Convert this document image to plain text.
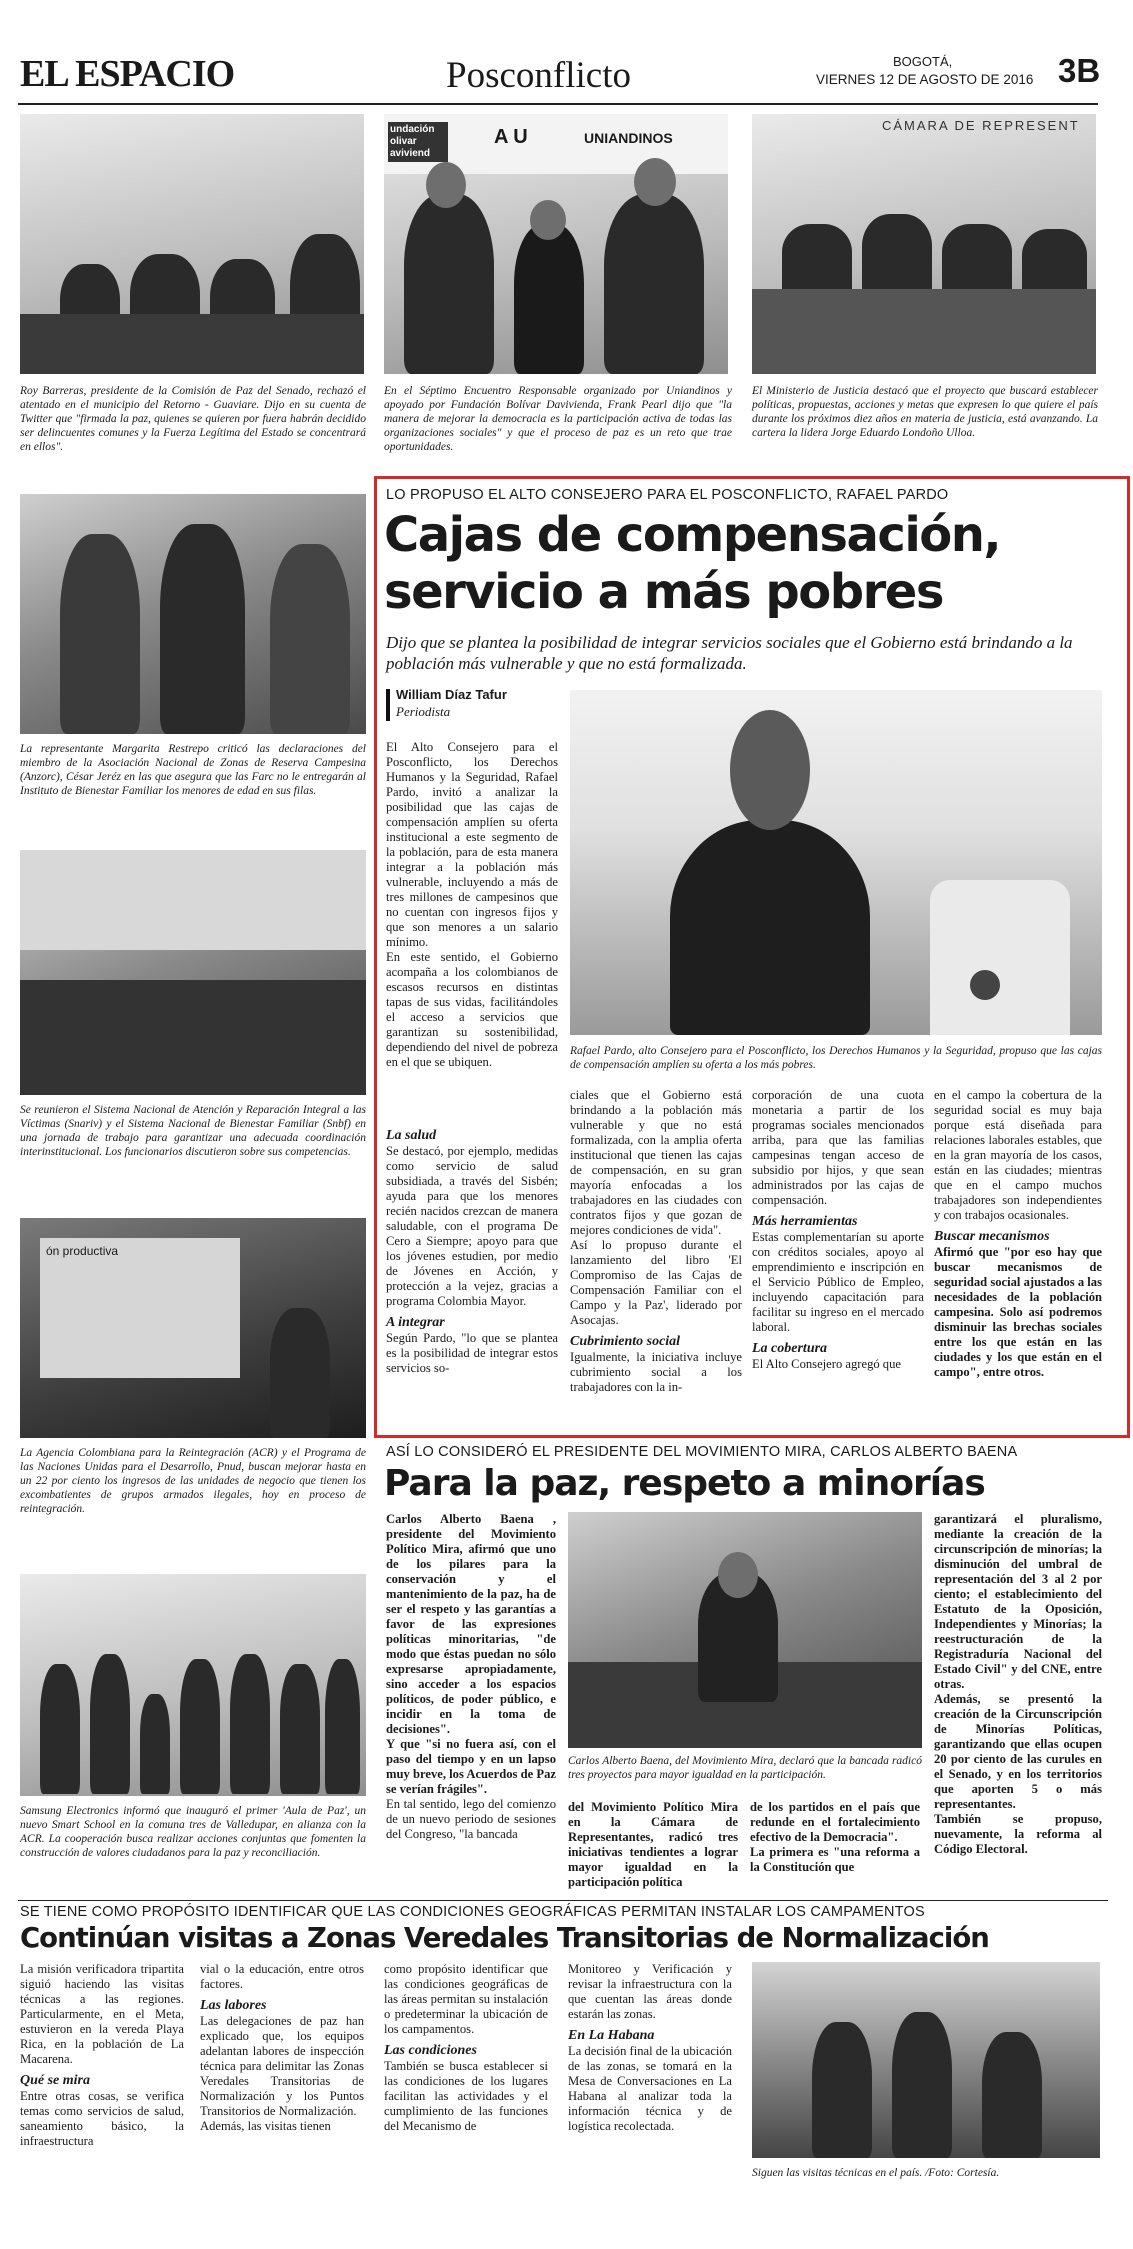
EL ESPACIO	Posconflicto	BOGOTÁ,
VIERNES 12 DE AGOSTO DE 2016 3B
Roy Barreras, presidente de la Comisión de Paz del Senado, rechazó el atentado en el municipio del Retorno - Guaviare. Dijo en su cuenta de Twitter que "firmada la paz, quienes se quieren por fuera habrán decidido ser delincuentes comunes y la Fuerza Legítima del Estado se concentrará en ellos".
undación olivar aviviend
A U	UNIANDINOS
En el Séptimo Encuentro Responsable organizado por Uniandinos y apoyado por Fundación Bolívar Davivienda, Frank Pearl dijo que "la manera de mejorar la democracia es la participación activa de todas las organizaciones sociales" y que el proceso de paz es un reto que trae oportunidades.
CÁMARA DE REPRESENT
El Ministerio de Justicia destacó que el proyecto que buscará establecer políticas, propuestas, acciones y metas que expresen lo que quiere el país durante los próximos diez años en materia de justicia, está avanzando. La cartera la lidera Jorge Eduardo Londoño Ulloa.
La representante Margarita Restrepo criticó las declaraciones del miembro de la Asociación Nacional de Zonas de Reserva Campesina (Anzorc), César Jeréz en las que asegura que las Farc no le entregarán al Instituto de Bienestar Familiar los menores de edad en sus filas.
Se reunieron el Sistema Nacional de Atención y Reparación Integral a las Víctimas (Snariv) y el Sistema Nacional de Bienestar Familiar (Snbf) en una jornada de trabajo para garantizar una adecuada coordinación interinstitucional. Los funcionarios discutieron sobre sus competencias.
ón productiva
La Agencia Colombiana para la Reintegración (ACR) y el Programa de las Naciones Unidas para el Desarrollo, Pnud, buscan mejorar hasta en un 22 por ciento los ingresos de las unidades de negocio que tienen los excombatientes de grupos armados ilegales, hoy en proceso de reintegración.
Samsung Electronics informó que inauguró el primer 'Aula de Paz', un nuevo Smart School en la comuna tres de Valledupar, en alianza con la ACR. La cooperación busca realizar acciones conjuntas que fomenten la construcción de valores ciudadanos para la paz y reconciliación.
LO PROPUSO EL ALTO CONSEJERO PARA EL POSCONFLICTO, RAFAEL PARDO
Cajas de compensación,
servicio a más pobres
Dijo que se plantea la posibilidad de integrar servicios sociales que el Gobierno está brindando a la población más vulnerable y que no está formalizada.
William Díaz Tafur
Periodista
Rafael Pardo, alto Consejero para el Posconflicto, los Derechos Humanos y la Seguridad, propuso que las cajas de compensación amplíen su oferta a los más pobres.

El Alto Consejero para el Posconflicto, los Derechos Humanos y la Seguridad, Rafael Pardo, invitó a analizar la posibilidad que las cajas de compensación amplíen su oferta institucional a este segmento de la población, para de esta manera integrar a la población más vulnerable, incluyendo a más de tres millones de campesinos que no cuentan con ingresos fijos y que son menores a un salario mínimo.

En este sentido, el Gobierno acompaña a los colombianos de escasos recursos en distintas tapas de sus vidas, facilitándoles el acceso a servicios que garantizan su sostenibilidad, dependiendo del nivel de pobreza en el que se ubiquen.

La salud

Se destacó, por ejemplo, medidas como servicio de salud subsidiada, a través del Sisbén; ayuda para que los menores recién nacidos crezcan de manera saludable, con el programa De Cero a Siempre; apoyo para que los jóvenes estudien, por medio de Jóvenes en Acción, y protección a la vejez, gracias a programa Colombia Mayor.

A integrar

Según Pardo, "lo que se plantea es la posibilidad de integrar estos servicios so-

ciales que el Gobierno está brindando a la población más vulnerable y que no está formalizada, con la amplia oferta institucional que tienen las cajas de compensación, en su gran mayoría enfocadas a los trabajadores en las ciudades con contratos fijos y que gozan de mejores condiciones de vida".

Así lo propuso durante el lanzamiento del libro 'El Compromiso de las Cajas de Compensación Familiar con el Campo y la Paz', liderado por Asocajas.

Cubrimiento social

Igualmente, la iniciativa incluye cubrimiento social a los trabajadores con la in-

corporación de una cuota monetaria a partir de los programas sociales mencionados arriba, para que las familias campesinas tengan acceso de subsidio por hijos, y que sean administrados por las cajas de compensación.

Más herramientas

Estas complementarían su aporte con créditos sociales, apoyo al emprendimiento e inscripción en el Servicio Público de Empleo, incluyendo capacitación para facilitar su ingreso en el mercado laboral.

La cobertura

El Alto Consejero agregó que

en el campo la cobertura de la seguridad social es muy baja porque está diseñada para relaciones laborales estables, que en la gran mayoría de los casos, están en las ciudades; mientras que en el campo muchos trabajadores son independientes y con trabajos ocasionales.

Buscar mecanismos

Afirmó que "por eso hay que buscar mecanismos de seguridad social ajustados a las necesidades de la población campesina. Solo así podremos disminuir las brechas sociales entre los que están en las ciudades y los que están en el campo", entre otros.

ASÍ LO CONSIDERÓ EL PRESIDENTE DEL MOVIMIENTO MIRA, CARLOS ALBERTO BAENA
Para la paz, respeto a minorías

Carlos Alberto Baena , presidente del Movimiento Político Mira, afirmó que uno de los pilares para la conservación y el mantenimiento de la paz, ha de ser el respeto y las garantías a favor de las expresiones políticas minoritarias, "de modo que éstas puedan no sólo expresarse apropiadamente, sino acceder a los espacios políticos, de poder público, e incidir en la toma de decisiones".

Y que "si no fuera así, con el paso del tiempo y en un lapso muy breve, los Acuerdos de Paz se verían frágiles".

En tal sentido, lego del comienzo de un nuevo periodo de sesiones del Congreso, "la bancada

Carlos Alberto Baena, del Movimiento Mira, declaró que la bancada radicó tres proyectos para mayor igualdad en la participación.

del Movimiento Político Mira en la Cámara de Representantes, radicó tres iniciativas tendientes a lograr mayor igualdad en la participación política

de los partidos en el país que redunde en el fortalecimiento efectivo de la Democracia".

La primera es "una reforma a la Constitución que

garantizará el pluralismo, mediante la creación de la circunscripción de minorías; la disminución del umbral de representación del 3 al 2 por ciento; el establecimiento del Estatuto de la Oposición, Independientes y Minorías; la reestructuración de la Registraduría Nacional del Estado Civil" y del CNE, entre otras.

Además, se presentó la creación de la Circunscripción de Minorías Políticas, garantizando que ellas ocupen 20 por ciento de las curules en el Senado, y en los territorios que aporten 5 o más representantes.

También se propuso, nuevamente, la reforma al Código Electoral.

SE TIENE COMO PROPÓSITO IDENTIFICAR QUE LAS CONDICIONES GEOGRÁFICAS PERMITAN INSTALAR LOS CAMPAMENTOS
Continúan visitas a Zonas Veredales Transitorias de Normalización

La misión verificadora tripartita siguió haciendo las visitas técnicas a las regiones. Particularmente, en el Meta, estuvieron en la vereda Playa Rica, en la población de La Macarena.

Qué se mira

Entre otras cosas, se verifica temas como servicios de salud, saneamiento básico, la infraestructura

vial o la educación, entre otros factores.

Las labores

Las delegaciones de paz han explicado que, los equipos adelantan labores de inspección técnica para delimitar las Zonas Veredales Transitorias de Normalización y los Puntos Transitorios de Normalización.

Además, las visitas tienen

como propósito identificar que las condiciones geográficas de las áreas permitan su instalación o predeterminar la ubicación de los campamentos.

Las condiciones

También se busca establecer si las condiciones de los lugares facilitan las actividades y el cumplimiento de las funciones del Mecanismo de

Monitoreo y Verificación y revisar la infraestructura con la que cuentan las áreas donde estarán las zonas.

En La Habana

La decisión final de la ubicación de las zonas, se tomará en la Mesa de Conversaciones en La Habana al analizar toda la información técnica y de logística recolectada.

Siguen las visitas técnicas en el país. /Foto: Cortesía.
